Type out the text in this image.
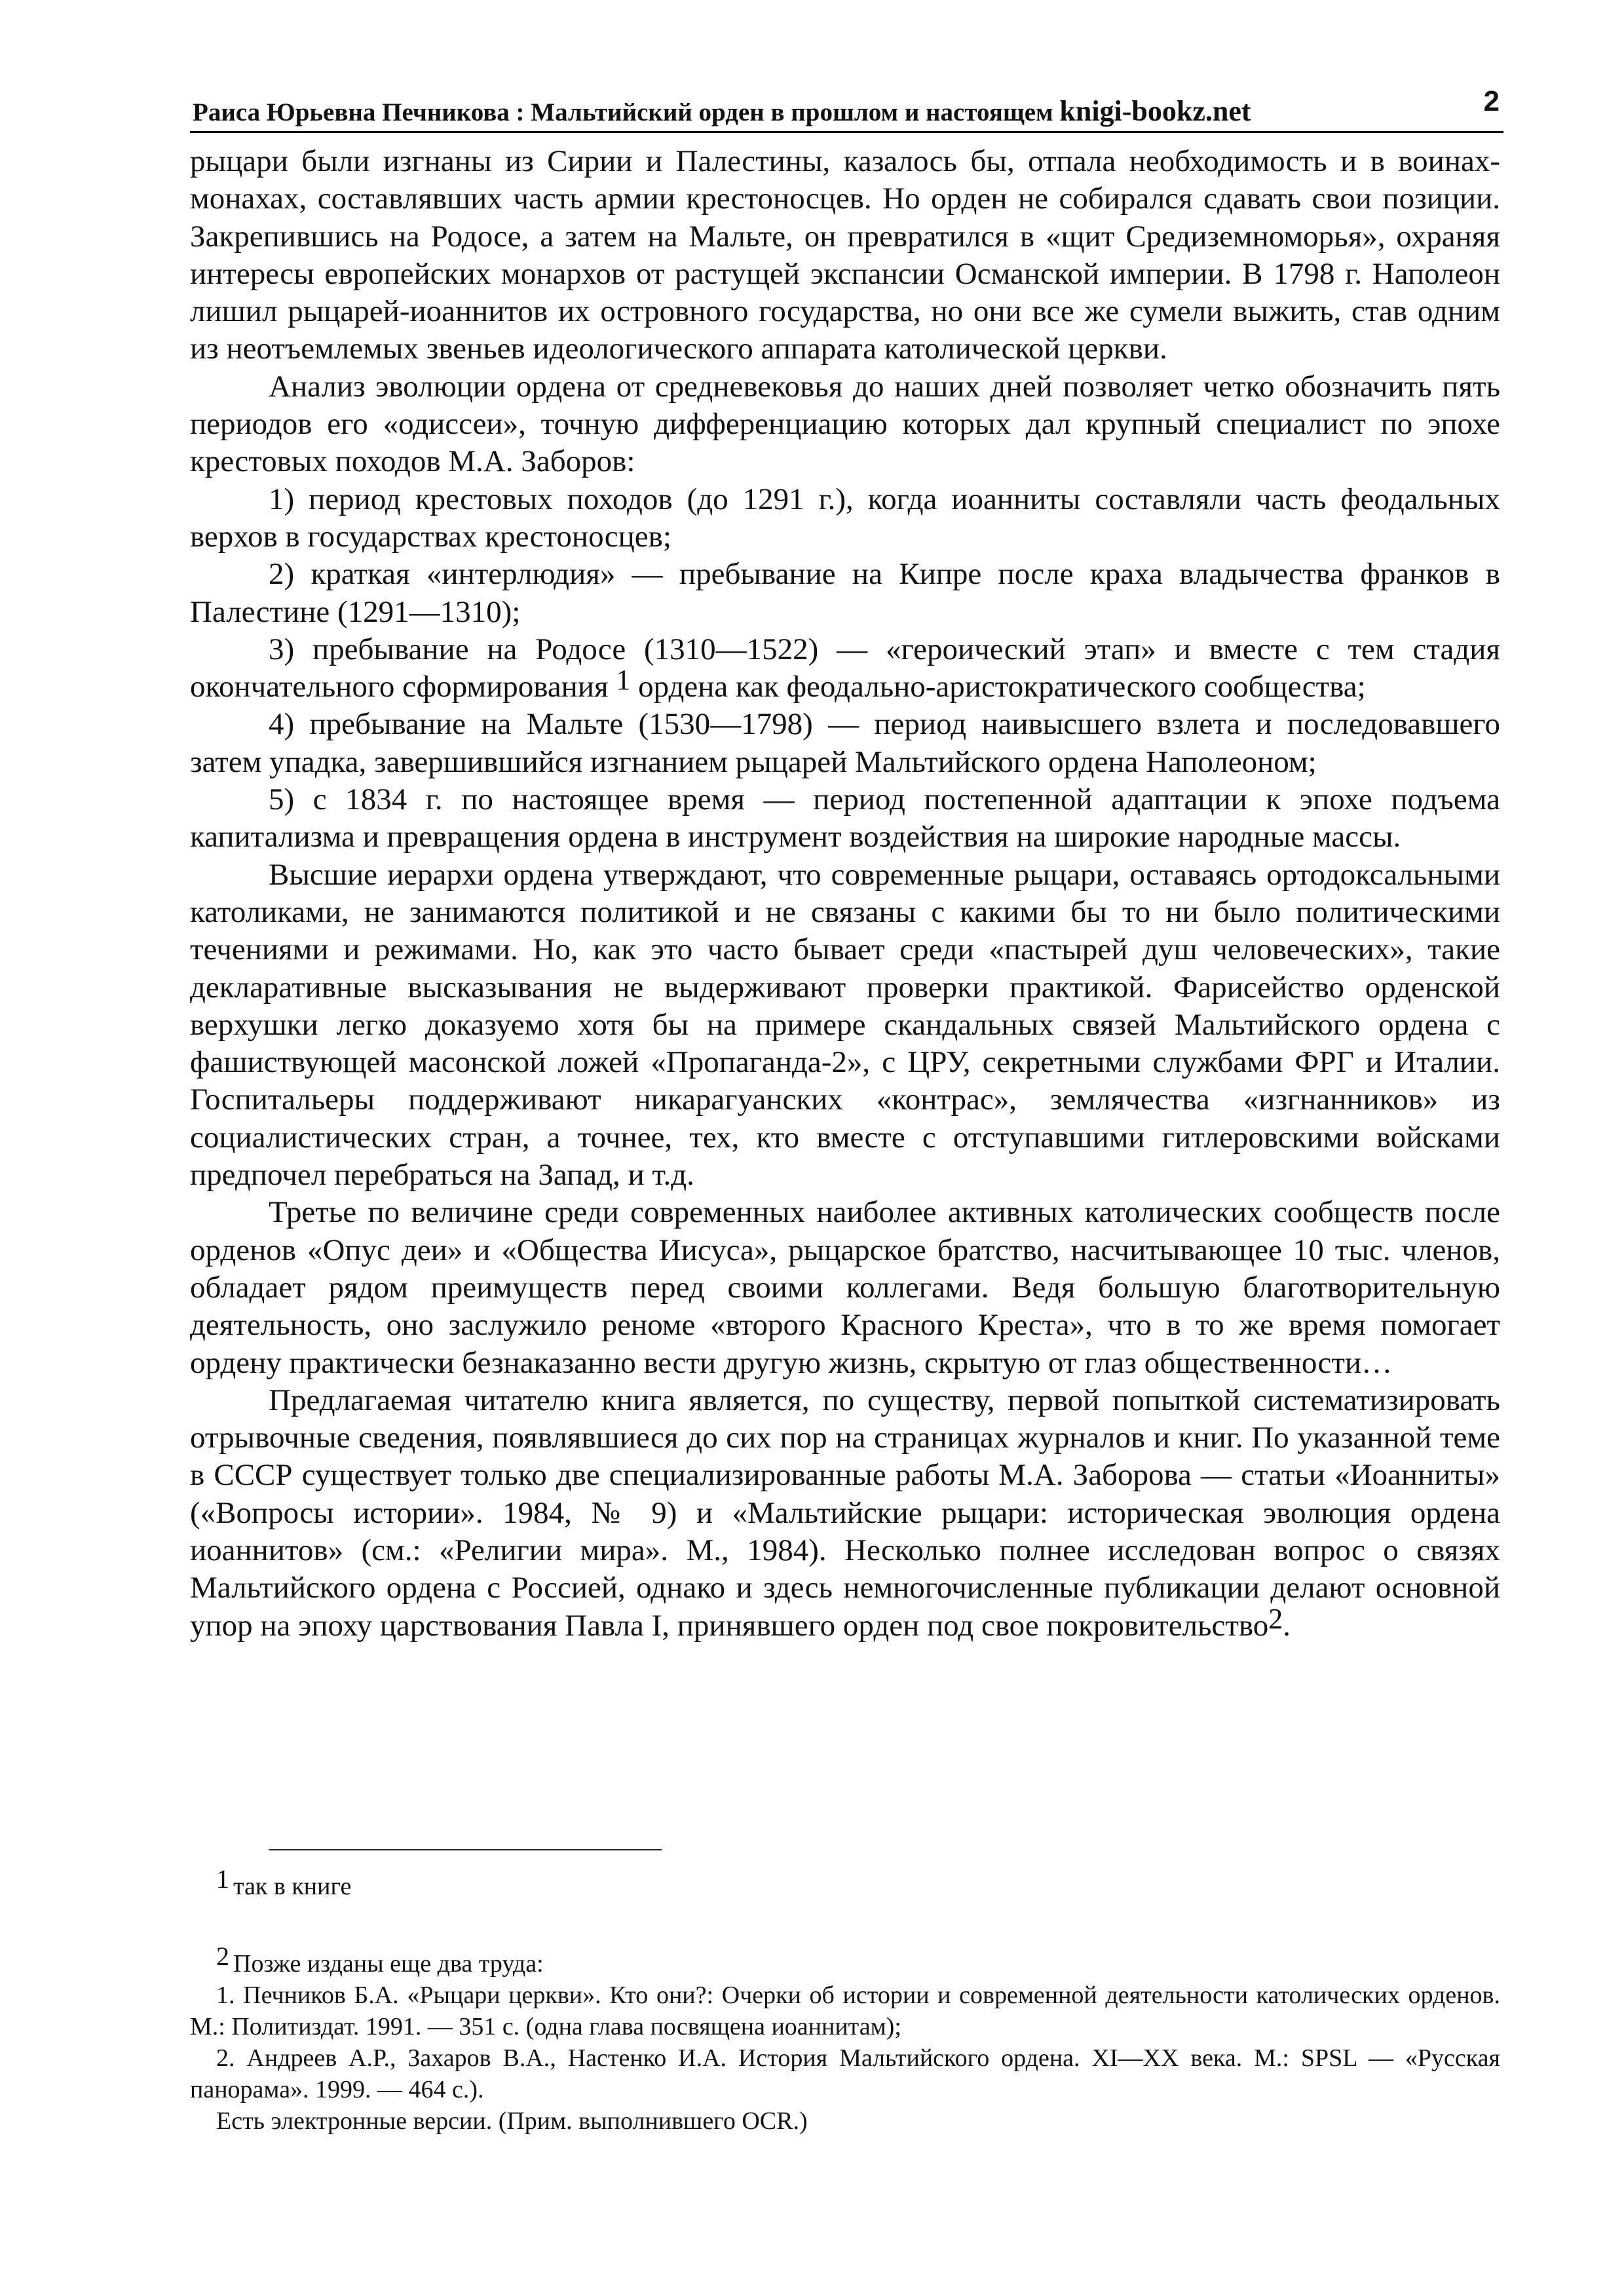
Раиса Юрьевна Печникова : Мальтийский орден в прошлом и настоящем knigi-bookz.net	2

рыцари были изгнаны из Сирии и Палестины, казалось бы, отпала необходимость и в воинах-монахах, составлявших часть армии крестоносцев. Но орден не собирался сдавать свои позиции. Закрепившись на Родосе, а затем на Мальте, он превратился в «щит Средиземноморья», охраняя интересы европейских монархов от растущей экспансии Османской империи. В 1798 г. Наполеон лишил рыцарей-иоаннитов их островного государства, но они все же сумели выжить, став одним из неотъемлемых звеньев идеологического аппарата католической церкви.

Анализ эволюции ордена от средневековья до наших дней позволяет четко обозначить пять периодов его «одиссеи», точную дифференциацию которых дал крупный специалист по эпохе крестовых походов М.А. Заборов:

1) период крестовых походов (до 1291 г.), когда иоанниты составляли часть феодальных верхов в государствах крестоносцев;

2) краткая «интерлюдия» — пребывание на Кипре после краха владычества франков в Палестине (1291—1310);

3) пребывание на Родосе (1310—1522) — «героический этап» и вместе с тем стадия окончательного сформирования $^1$ ордена как феодально-аристократического сообщества;

4) пребывание на Мальте (1530—1798) — период наивысшего взлета и последовавшего затем упадка, завершившийся изгнанием рыцарей Мальтийского ордена Наполеоном;

5) с 1834 г. по настоящее время — период постепенной адаптации к эпохе подъема капитализма и превращения ордена в инструмент воздействия на широкие народные массы.

Высшие иерархи ордена утверждают, что современные рыцари, оставаясь ортодоксальными католиками, не занимаются политикой и не связаны с какими бы то ни было политическими течениями и режимами. Но, как это часто бывает среди «пастырей душ человеческих», такие декларативные высказывания не выдерживают проверки практикой. Фарисейство орденской верхушки легко доказуемо хотя бы на примере скандальных связей Мальтийского ордена с фашиствующей масонской ложей «Пропаганда-2», с ЦРУ, секретными службами ФРГ и Италии. Госпитальеры поддерживают никарагуанских «контрас», землячества «изгнанников» из социалистических стран, а точнее, тех, кто вместе с отступавшими гитлеровскими войсками предпочел перебраться на Запад, и т.д.

Третье по величине среди современных наиболее активных католических сообществ после орденов «Опус деи» и «Общества Иисуса», рыцарское братство, насчитывающее 10 тыс. членов, обладает рядом преимуществ перед своими коллегами. Ведя большую благотворительную деятельность, оно заслужило реноме «второго Красного Креста», что в то же время помогает ордену практически безнаказанно вести другую жизнь, скрытую от глаз общественности…

Предлагаемая читателю книга является, по существу, первой попыткой систематизировать отрывочные сведения, появлявшиеся до сих пор на страницах журналов и книг. По указанной теме в СССР существует только две специализированные работы М.А. Заборова — статьи «Иоанниты» («Вопросы истории». 1984, № 9) и «Мальтийские рыцари: историческая эволюция ордена иоаннитов» (см.: «Религии мира». М., 1984). Несколько полнее исследован вопрос о связях Мальтийского ордена с Россией, однако и здесь немногочисленные публикации делают основной упор на эпоху царствования Павла I, принявшего орден под свое покровительство$^2$.

$^1$ так в книге

$^2$ Позже изданы еще два труда:

1. Печников Б.А. «Рыцари церкви». Кто они?: Очерки об истории и современной деятельности католических орденов. М.: Политиздат. 1991. — 351 с. (одна глава посвящена иоаннитам);

2. Андреев А.Р., Захаров В.А., Настенко И.А. История Мальтийского ордена. XI—XX века. М.: SPSL — «Русская панорама». 1999. — 464 с.).

Есть электронные версии. (Прим. выполнившего OCR.)
